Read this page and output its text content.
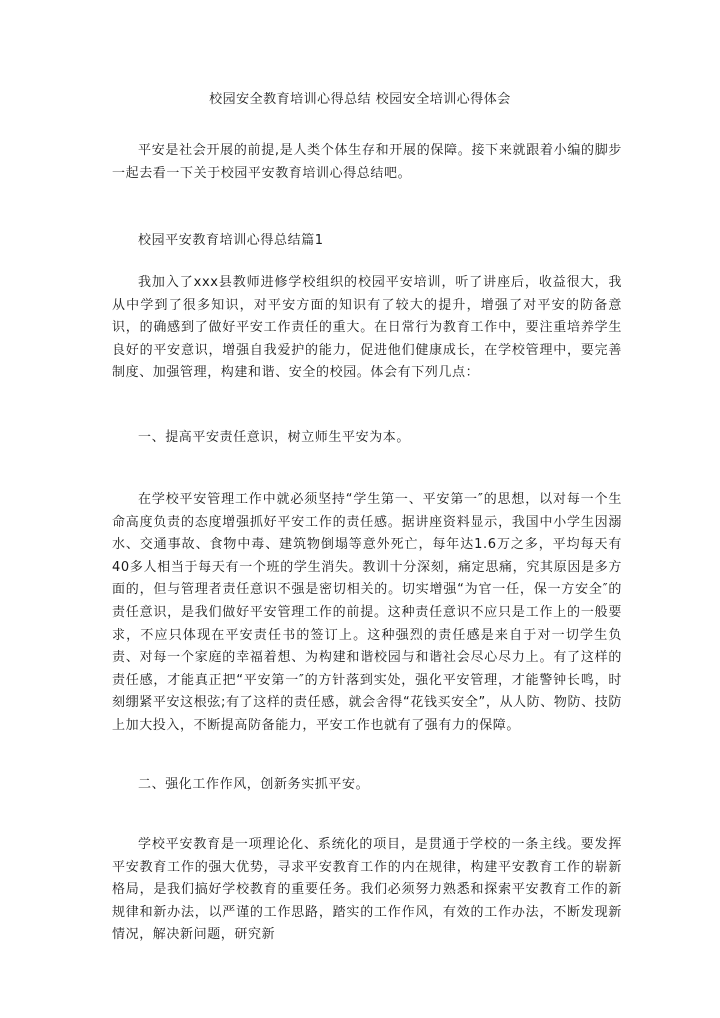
校园安全教育培训心得总结 校园安全培训心得体会

平安是社会开展的前提,是人类个体生存和开展的保障。接下来就跟着小编的脚步一起去看一下关于校园平安教育培训心得总结吧。

校园平安教育培训心得总结篇1

我加入了xxx县教师进修学校组织的校园平安培训，听了讲座后，收益很大，我从中学到了很多知识，对平安方面的知识有了较大的提升，增强了对平安的防备意识，的确感到了做好平安工作责任的重大。在日常行为教育工作中，要注重培养学生良好的平安意识，增强自我爱护的能力，促进他们健康成长，在学校管理中，要完善制度、加强管理，构建和谐、安全的校园。体会有下列几点：

一、提高平安责任意识，树立师生平安为本。

在学校平安管理工作中就必须坚持“学生第一、平安第一″的思想，以对每一个生命高度负责的态度增强抓好平安工作的责任感。据讲座资料显示，我国中小学生因溺水、交通事故、食物中毒、建筑物倒塌等意外死亡，每年达1.6万之多，平均每天有40多人相当于每天有一个班的学生消失。教训十分深刻，痛定思痛，究其原因是多方面的，但与管理者责任意识不强是密切相关的。切实增强“为官一任，保一方安全″的责任意识，是我们做好平安管理工作的前提。这种责任意识不应只是工作上的一般要求，不应只体现在平安责任书的签订上。这种强烈的责任感是来自于对一切学生负责、对每一个家庭的幸福着想、为构建和谐校园与和谐社会尽心尽力上。有了这样的责任感，才能真正把“平安第一″的方针落到实处，强化平安管理，才能警钟长鸣，时刻绷紧平安这根弦;有了这样的责任感，就会舍得“花钱买安全”，从人防、物防、技防上加大投入，不断提高防备能力，平安工作也就有了强有力的保障。

二、强化工作作风，创新务实抓平安。

学校平安教育是一项理论化、系统化的项目，是贯通于学校的一条主线。要发挥平安教育工作的强大优势，寻求平安教育工作的内在规律，构建平安教育工作的崭新格局，是我们搞好学校教育的重要任务。我们必须努力熟悉和探索平安教育工作的新规律和新办法，以严谨的工作思路，踏实的工作作风，有效的工作办法，不断发现新情况，解决新问题，研究新
